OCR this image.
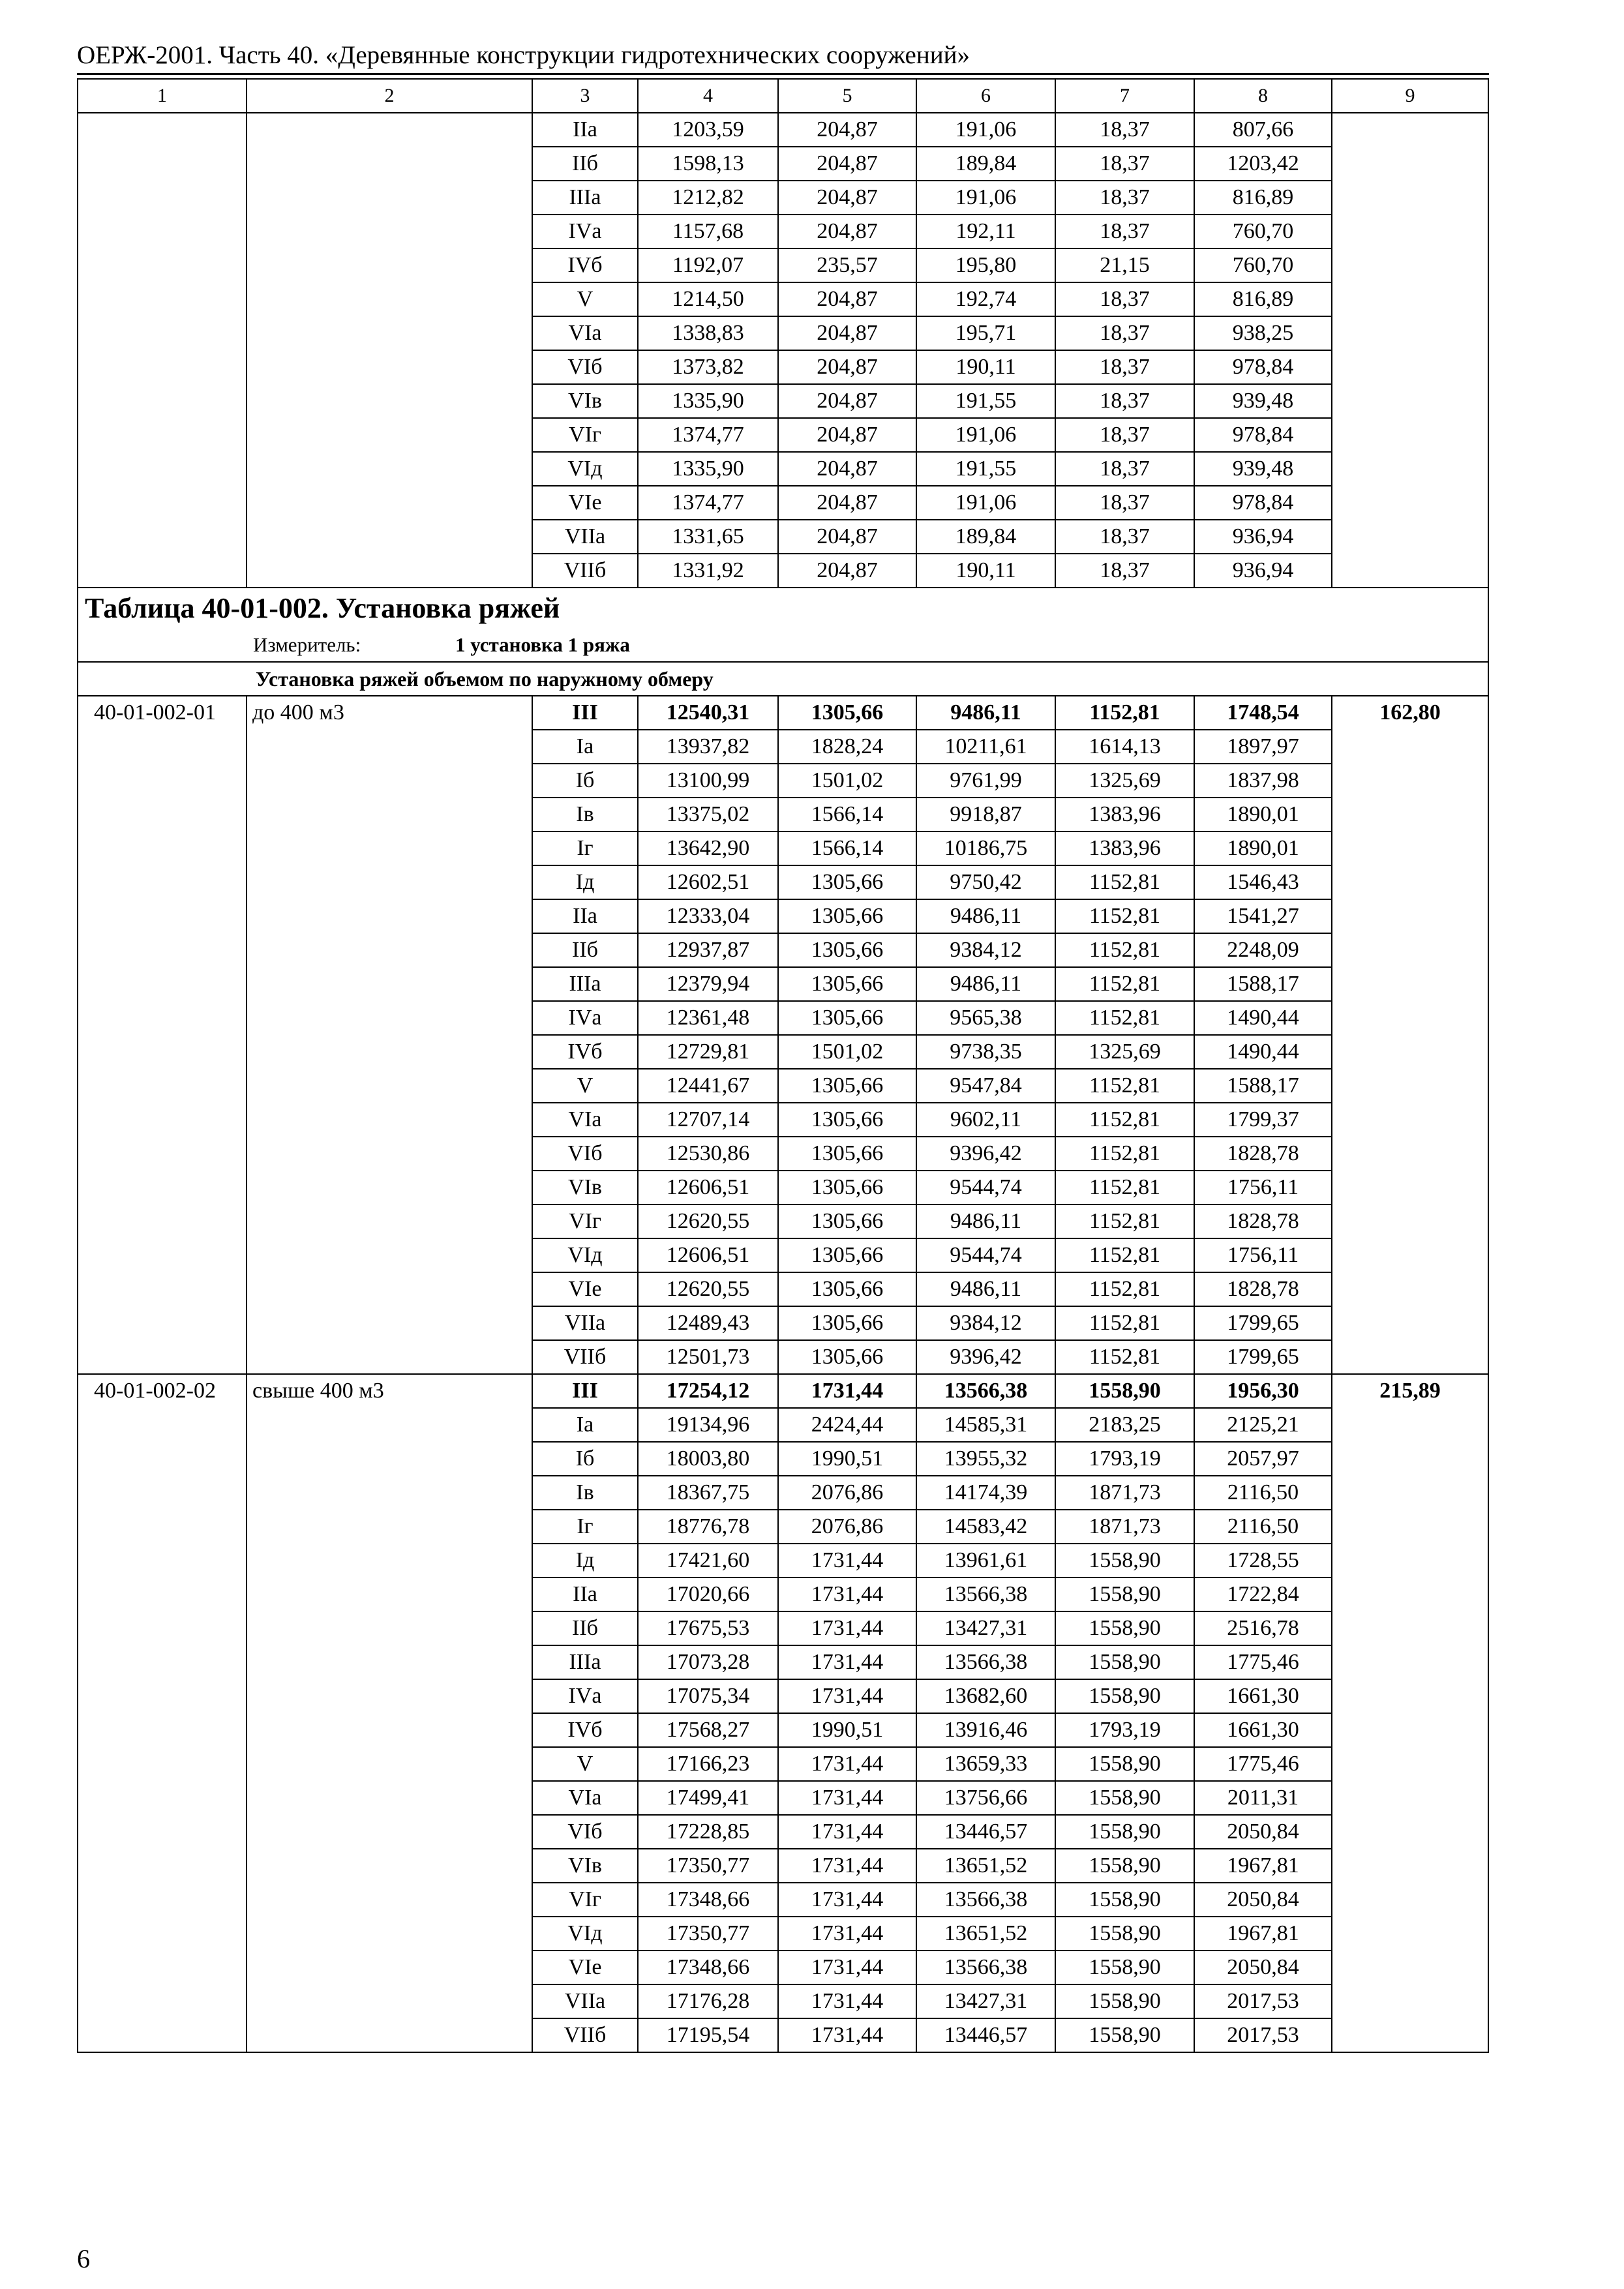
ОЕРЖ-2001. Часть 40. «Деревянные конструкции гидротехнических сооружений»
1	2	3	4	5	6	7	8	9
		IIа	1203,59	204,87	191,06	18,37	807,66	
		IIб	1598,13	204,87	189,84	18,37	1203,42	
		IIIа	1212,82	204,87	191,06	18,37	816,89	
		IVа	1157,68	204,87	192,11	18,37	760,70	
		IVб	1192,07	235,57	195,80	21,15	760,70	
		V	1214,50	204,87	192,74	18,37	816,89	
		VIа	1338,83	204,87	195,71	18,37	938,25	
		VIб	1373,82	204,87	190,11	18,37	978,84	
		VIв	1335,90	204,87	191,55	18,37	939,48	
		VIг	1374,77	204,87	191,06	18,37	978,84	
		VIд	1335,90	204,87	191,55	18,37	939,48	
		VIе	1374,77	204,87	191,06	18,37	978,84	
		VIIа	1331,65	204,87	189,84	18,37	936,94	
		VIIб	1331,92	204,87	190,11	18,37	936,94	
Таблица 40-01-002. Установка ряжей								
Измеритель: 1 установка 1 ряжа								
Установка ряжей объемом по наружному обмеру								
40-01-002-01	до 400 м3	III	12540,31	1305,66	9486,11	1152,81	1748,54	162,80
		Iа	13937,82	1828,24	10211,61	1614,13	1897,97	
		Iб	13100,99	1501,02	9761,99	1325,69	1837,98	
		Iв	13375,02	1566,14	9918,87	1383,96	1890,01	
		Iг	13642,90	1566,14	10186,75	1383,96	1890,01	
		Iд	12602,51	1305,66	9750,42	1152,81	1546,43	
		IIа	12333,04	1305,66	9486,11	1152,81	1541,27	
		IIб	12937,87	1305,66	9384,12	1152,81	2248,09	
		IIIа	12379,94	1305,66	9486,11	1152,81	1588,17	
		IVа	12361,48	1305,66	9565,38	1152,81	1490,44	
		IVб	12729,81	1501,02	9738,35	1325,69	1490,44	
		V	12441,67	1305,66	9547,84	1152,81	1588,17	
		VIа	12707,14	1305,66	9602,11	1152,81	1799,37	
		VIб	12530,86	1305,66	9396,42	1152,81	1828,78	
		VIв	12606,51	1305,66	9544,74	1152,81	1756,11	
		VIг	12620,55	1305,66	9486,11	1152,81	1828,78	
		VIд	12606,51	1305,66	9544,74	1152,81	1756,11	
		VIе	12620,55	1305,66	9486,11	1152,81	1828,78	
		VIIа	12489,43	1305,66	9384,12	1152,81	1799,65	
		VIIб	12501,73	1305,66	9396,42	1152,81	1799,65	
40-01-002-02	свыше 400 м3	III	17254,12	1731,44	13566,38	1558,90	1956,30	215,89
		Iа	19134,96	2424,44	14585,31	2183,25	2125,21	
		Iб	18003,80	1990,51	13955,32	1793,19	2057,97	
		Iв	18367,75	2076,86	14174,39	1871,73	2116,50	
		Iг	18776,78	2076,86	14583,42	1871,73	2116,50	
		Iд	17421,60	1731,44	13961,61	1558,90	1728,55	
		IIа	17020,66	1731,44	13566,38	1558,90	1722,84	
		IIб	17675,53	1731,44	13427,31	1558,90	2516,78	
		IIIа	17073,28	1731,44	13566,38	1558,90	1775,46	
		IVа	17075,34	1731,44	13682,60	1558,90	1661,30	
		IVб	17568,27	1990,51	13916,46	1793,19	1661,30	
		V	17166,23	1731,44	13659,33	1558,90	1775,46	
		VIа	17499,41	1731,44	13756,66	1558,90	2011,31	
		VIб	17228,85	1731,44	13446,57	1558,90	2050,84	
		VIв	17350,77	1731,44	13651,52	1558,90	1967,81	
		VIг	17348,66	1731,44	13566,38	1558,90	2050,84	
		VIд	17350,77	1731,44	13651,52	1558,90	1967,81	
		VIе	17348,66	1731,44	13566,38	1558,90	2050,84	
		VIIа	17176,28	1731,44	13427,31	1558,90	2017,53	
		VIIб	17195,54	1731,44	13446,57	1558,90	2017,53	
6
